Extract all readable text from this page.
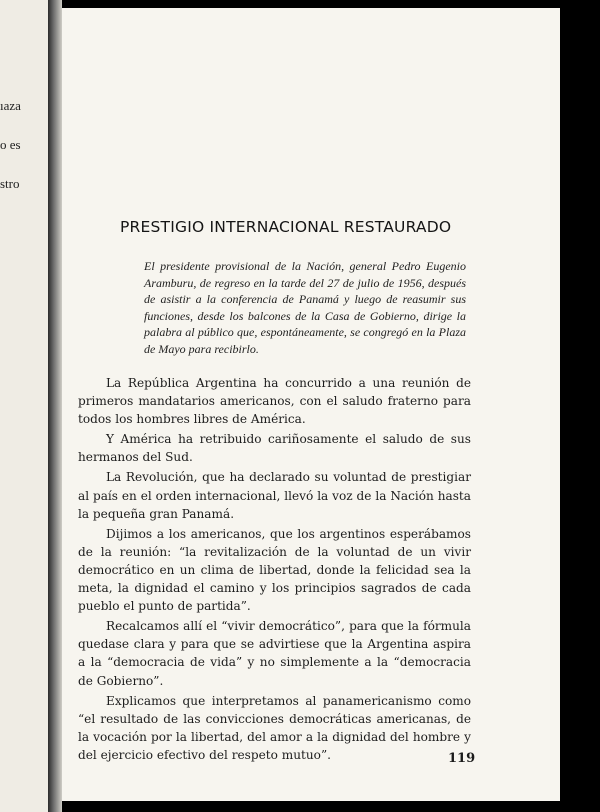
ıaza
o es
stro
PRESTIGIO INTERNACIONAL RESTAURADO
El presidente provisional de la Nación, general Pedro Eugenio Aramburu, de regreso en la tarde del 27 de julio de 1956, después de asistir a la conferencia de Panamá y luego de reasumir sus funciones, desde los balcones de la Casa de Gobierno, dirige la palabra al público que, espontáneamente, se congregó en la Plaza de Mayo para recibirlo.

La República Argentina ha concurrido a una reunión de primeros mandatarios americanos, con el saludo fraterno para todos los hombres libres de América.

Y América ha retribuido cariñosamente el saludo de sus hermanos del Sud.

La Revolución, que ha declarado su voluntad de prestigiar al país en el orden internacional, llevó la voz de la Nación hasta la pequeña gran Panamá.

Dijimos a los americanos, que los argentinos esperábamos de la reunión: “la revitalización de la voluntad de un vivir democrático en un clima de libertad, donde la felicidad sea la meta, la dignidad el camino y los principios sagrados de cada pueblo el punto de partida”.

Recalcamos allí el “vivir democrático”, para que la fórmula quedase clara y para que se advirtiese que la Argentina aspira a la “democracia de vida” y no simplemente a la “democracia de Gobierno”.

Explicamos que interpretamos al panamericanismo como “el resultado de las convicciones democráticas americanas, de la vocación por la libertad, del amor a la dignidad del hombre y del ejercicio efectivo del respeto mutuo”.	119
